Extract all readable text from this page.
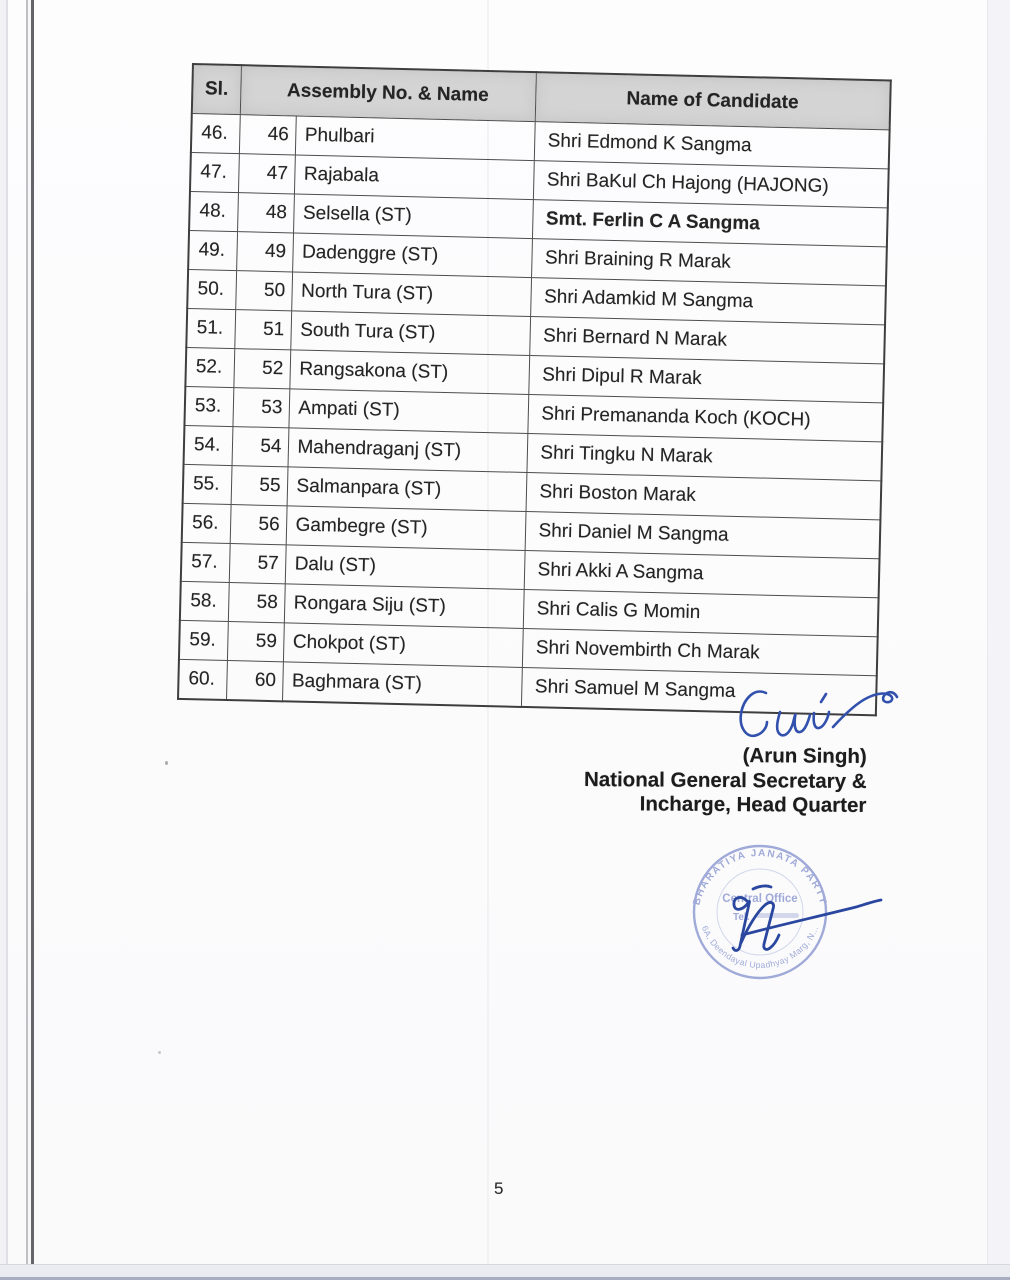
Sl.	Assembly No. & Name		Name of Candidate
46.	46	Phulbari	Shri Edmond K Sangma
47.	47	Rajabala	Shri BaKul Ch Hajong (HAJONG)
48.	48	Selsella (ST)	Smt. Ferlin C A Sangma
49.	49	Dadenggre (ST)	Shri Braining R Marak
50.	50	North Tura (ST)	Shri Adamkid M Sangma
51.	51	South Tura (ST)	Shri Bernard N Marak
52.	52	Rangsakona (ST)	Shri Dipul R Marak
53.	53	Ampati (ST)	Shri Premananda Koch (KOCH)
54.	54	Mahendraganj (ST)	Shri Tingku N Marak
55.	55	Salmanpara (ST)	Shri Boston Marak
56.	56	Gambegre (ST)	Shri Daniel M Sangma
57.	57	Dalu (ST)	Shri Akki A Sangma
58.	58	Rongara Siju (ST)	Shri Calis G Momin
59.	59	Chokpot (ST)	Shri Novembirth Ch Marak
60.	60	Baghmara (ST)	Shri Samuel M Sangma
(Arun Singh)
National General Secretary &
Incharge, Head Quarter
5
BHARATIYA JANATA PARTY
6A, Deendayal Upadhyay Marg, N...
Central Office
Tel.
